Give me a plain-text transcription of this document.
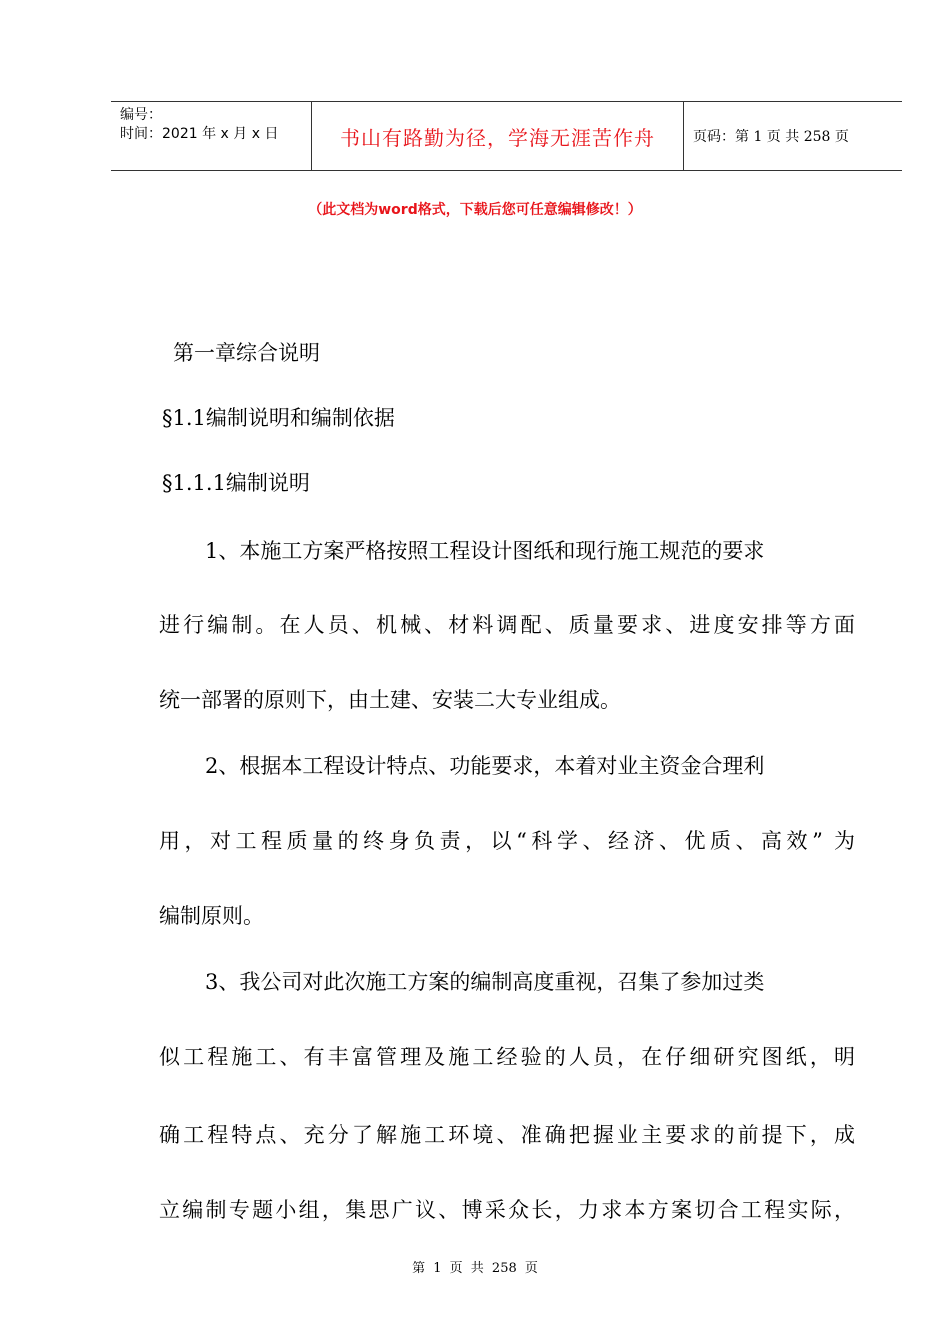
编号：
时间：2021 年 x 月 x 日	书山有路勤为径，学海无涯苦作舟	页码：第 1 页 共 258 页
（此文档为word格式，下载后您可任意编辑修改！）
第一章综合说明
§1.1编制说明和编制依据
§1.1.1编制说明
1、本施工方案严格按照工程设计图纸和现行施工规范的要求
进行编制。在人员、机械、材料调配、质量要求、进度安排等方面
统一部署的原则下，由土建、安装二大专业组成。
2、根据本工程设计特点、功能要求，本着对业主资金合理利
用，对工程质量的终身负责，以“科学、经济、优质、高效” 为
编制原则。
3、我公司对此次施工方案的编制高度重视，召集了参加过类
似工程施工、有丰富管理及施工经验的人员，在仔细研究图纸，明
确工程特点、充分了解施工环境、准确把握业主要求的前提下，成
立编制专题小组，集思广议、博采众长，力求本方案切合工程实际，
第 1 页 共 258 页
